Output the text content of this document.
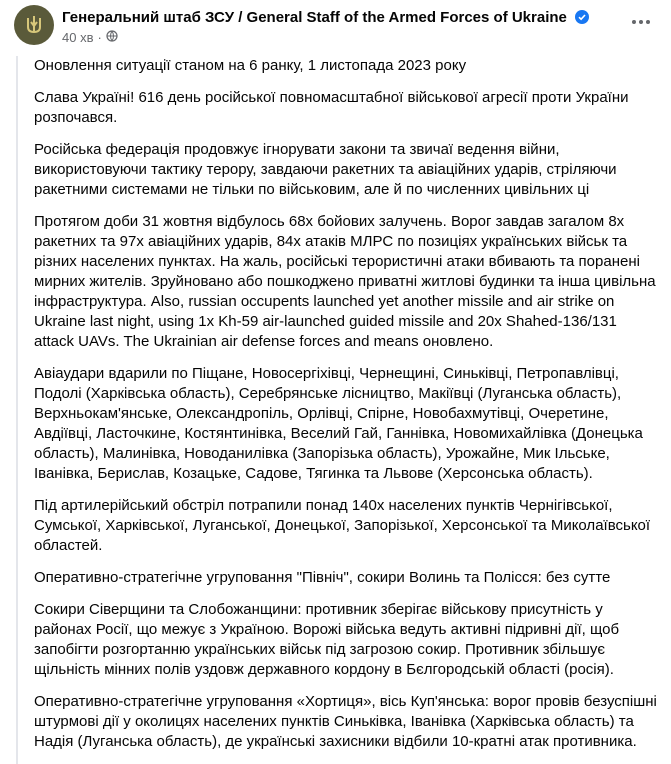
Генеральний штаб ЗСУ / General Staff of the Armed Forces of Ukraine
40 хв ·

Оновлення ситуації станом на 6 ранку, 1 листопада 2023 року

Слава Україні! 616 день російської повномасштабної військової агресії проти України розпочався.

Російська федерація продовжує ігнорувати закони та звичаї ведення війни, використовуючи тактику терору, завдаючи ракетних та авіаційних ударів, стріляючи ракетними системами не тільки по військовим, але й по численних цивільних ці

Протягом доби 31 жовтня відбулось 68х бойових залучень. Ворог завдав загалом 8х ракетних та 97х авіаційних ударів, 84х атаків МЛРС по позиціях українських військ та різних населених пунктах. На жаль, російські терористичні атаки вбивають та поранені мирних жителів. Зруйновано або пошкоджено приватні житлові будинки та інша цивільна інфраструктура. Also, russian occupents launched yet another missile and air strike on Ukraine last night, using 1x Kh-59 air-launched guided missile and 20x Shahed-136/131 attack UAVs. The Ukrainian air defense forces and means оновлено.

Авіаудари вдарили по Піщане, Новосергіхівці, Чернещині, Синьківці, Петропавлівці, Подолі (Харківська область), Серебрянське лісництво, Макіївці (Луганська область), Верхньокам'янське, Олександропіль, Орлівці, Спірне, Новобахмутівці, Очеретине, Авдіївці, Ласточкине, Костянтинівка, Веселий Гай, Ганнівка, Новомихайлівка (Донецька область), Малинівка, Новоданилівка (Запорізька область), Урожайне, Мик Ільське, Іванівка, Берислав, Козацьке, Садове, Тягинка та Львове (Херсонська область).

Під артилерійський обстріл потрапили понад 140х населених пунктів Чернігівської, Сумської, Харківської, Луганської, Донецької, Запорізької, Херсонської та Миколаївської областей.

Оперативно-стратегічне угруповання "Північ", сокири Волинь та Полісся: без сутте

Сокири Сіверщини та Слобожанщини: противник зберігає військову присутність у районах Росії, що межує з Україною. Ворожі війська ведуть активні підривні дії, щоб запобігти розгортанню українських військ під загрозою сокир. Противник збільшує щільність мінних полів уздовж державного кордону в Бєлгородській області (росія).

Оперативно-стратегічне угруповання «Хортиця», вісь Куп'янська: ворог провів безуспішні штурмові дії у околицях населених пунктів Синьківка, Іванівка (Харківська область) та Надія (Луганська область), де українські захисники відбили 10-кратні атак противника.
